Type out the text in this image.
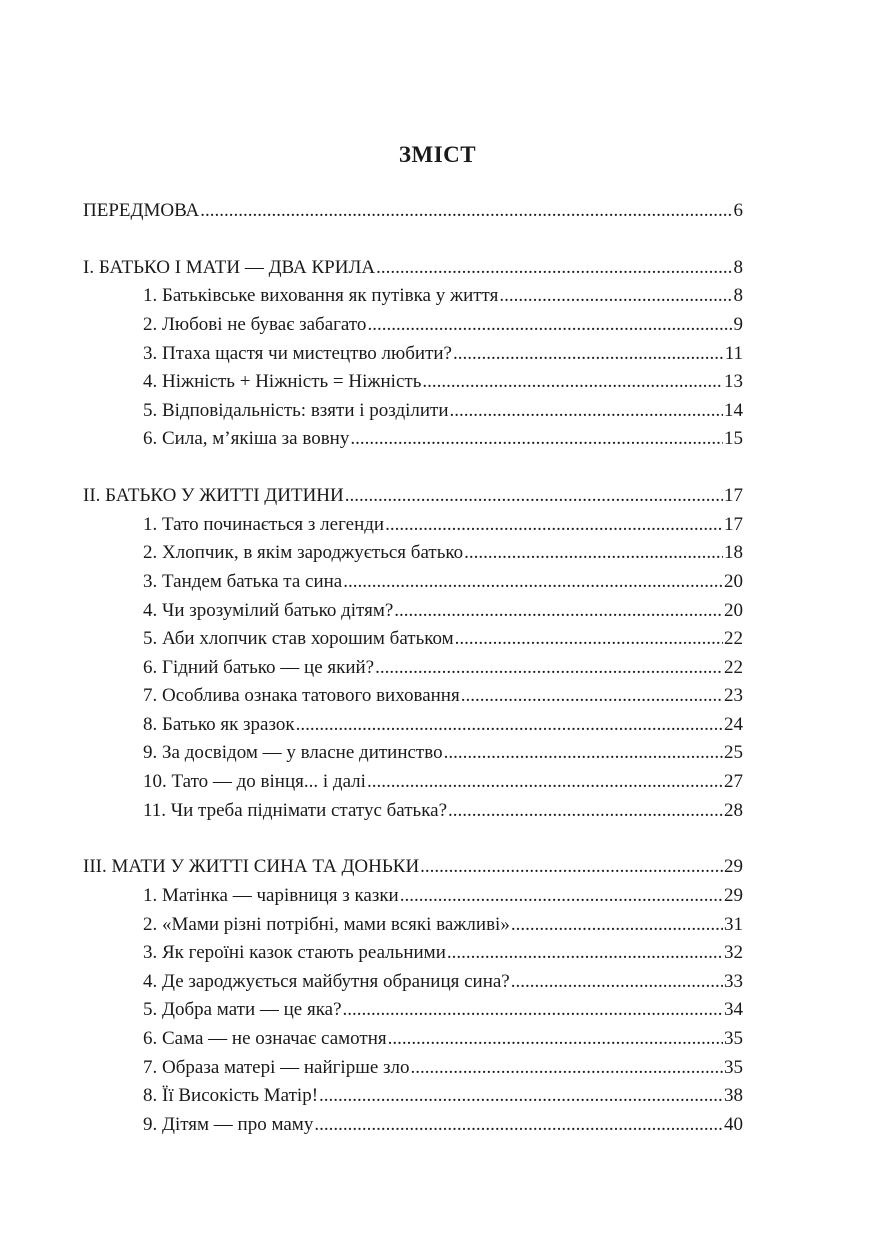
ЗМІСТ
ПЕРЕДМОВА .....	6
І. БАТЬКО І МАТИ — ДВА КРИЛА .....	8
1. Батьківське виховання як путівка у життя .....	8
2. Любові не буває забагато .....	9
3. Птаха щастя чи мистецтво любити? .....	11
4. Ніжність + Ніжність = Ніжність .....	13
5. Відповідальність: взяти і розділити .....	14
6. Сила, м’якіша за вовну .....	15
ІІ. БАТЬКО У ЖИТТІ ДИТИНИ .....	17
1. Тато починається з легенди .....	17
2. Хлопчик, в якім зароджується батько .....	18
3. Тандем батька та сина .....	20
4. Чи зрозумілий батько дітям? .....	20
5. Аби хлопчик став хорошим батьком .....	22
6. Гідний батько — це який? .....	22
7. Особлива ознака татового виховання .....	23
8. Батько як зразок .....	24
9. За досвідом — у власне дитинство .....	25
10. Тато — до вінця... і далі .....	27
11. Чи треба піднімати статус батька? .....	28
ІІІ. МАТИ У ЖИТТІ СИНА ТА ДОНЬКИ .....	29
1. Матінка — чарівниця з казки .....	29
2. «Мами різні потрібні, мами всякі важливі» .....	31
3. Як героїні казок стають реальними .....	32
4. Де зароджується майбутня обраниця сина? .....	33
5. Добра мати — це яка? .....	34
6. Сама — не означає самотня .....	35
7. Образа матері — найгірше зло .....	35
8. Її Високість Матір! .....	38
9. Дітям — про маму .....	40
